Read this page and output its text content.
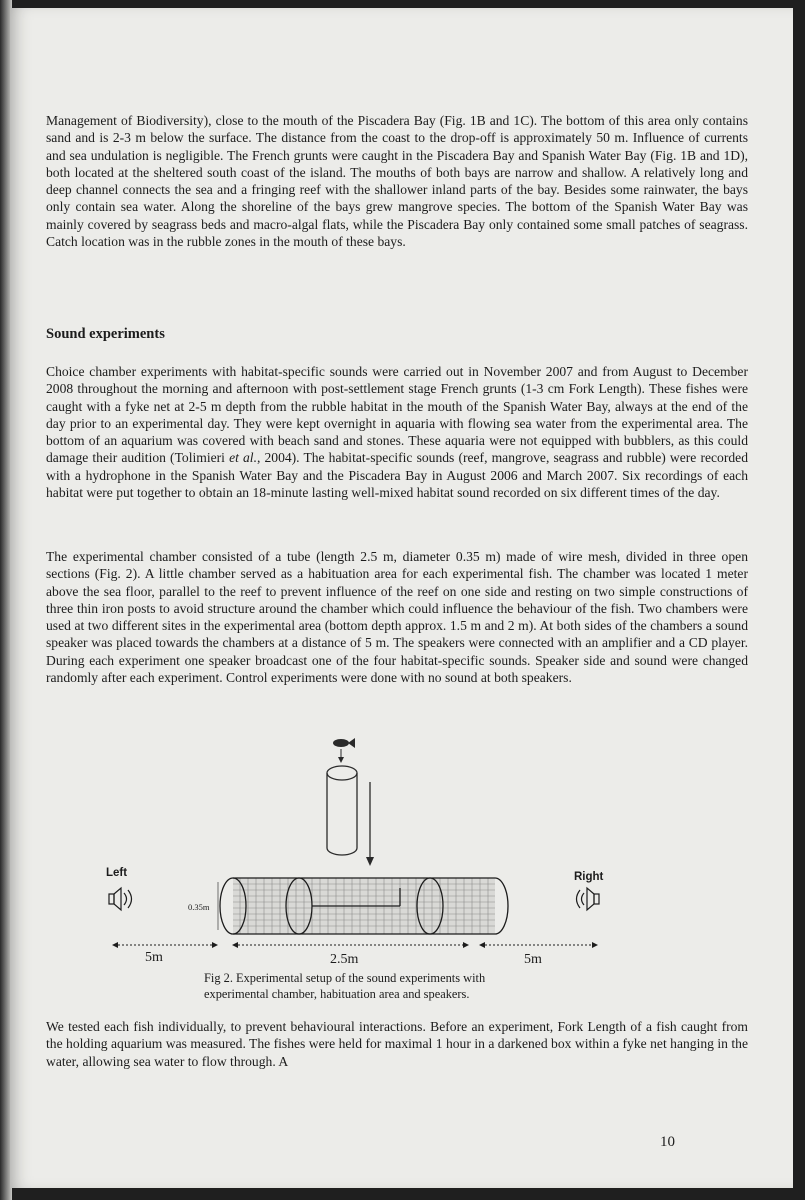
Management of Biodiversity), close to the mouth of the Piscadera Bay (Fig. 1B and 1C). The bottom of this area only contains sand and is 2-3 m below the surface. The distance from the coast to the drop-off is approximately 50 m. Influence of currents and sea undulation is negligible. The French grunts were caught in the Piscadera Bay and Spanish Water Bay (Fig. 1B and 1D), both located at the sheltered south coast of the island. The mouths of both bays are narrow and shallow. A relatively long and deep channel connects the sea and a fringing reef with the shallower inland parts of the bay. Besides some rainwater, the bays only contain sea water. Along the shoreline of the bays grew mangrove species. The bottom of the Spanish Water Bay was mainly covered by seagrass beds and macro-algal flats, while the Piscadera Bay only contained some small patches of seagrass. Catch location was in the rubble zones in the mouth of these bays.

Sound experiments

Choice chamber experiments with habitat-specific sounds were carried out in November 2007 and from August to December 2008 throughout the morning and afternoon with post-settlement stage French grunts (1-3 cm Fork Length). These fishes were caught with a fyke net at 2-5 m depth from the rubble habitat in the mouth of the Spanish Water Bay, always at the end of the day prior to an experimental day. They were kept overnight in aquaria with flowing sea water from the experimental area. The bottom of an aquarium was covered with beach sand and stones. These aquaria were not equipped with bubblers, as this could damage their audition (Tolimieri et al., 2004). The habitat-specific sounds (reef, mangrove, seagrass and rubble) were recorded with a hydrophone in the Spanish Water Bay and the Piscadera Bay in August 2006 and March 2007. Six recordings of each habitat were put together to obtain an 18-minute lasting well-mixed habitat sound recorded on six different times of the day.

The experimental chamber consisted of a tube (length 2.5 m, diameter 0.35 m) made of wire mesh, divided in three open sections (Fig. 2). A little chamber served as a habituation area for each experimental fish. The chamber was located 1 meter above the sea floor, parallel to the reef to prevent influence of the reef on one side and resting on two simple constructions of three thin iron posts to avoid structure around the chamber which could influence the behaviour of the fish. Two chambers were used at two different sites in the experimental area (bottom depth approx. 1.5 m and 2 m). At both sides of the chambers a sound speaker was placed towards the chambers at a distance of 5 m. The speakers were connected with an amplifier and a CD player. During each experiment one speaker broadcast one of the four habitat-specific sounds. Speaker side and sound were changed randomly after each experiment. Control experiments were done with no sound at both speakers.

0.35m
Left	Right
5m	2.5m	5m

Fig 2. Experimental setup of the sound experiments with experimental chamber, habituation area and speakers.

We tested each fish individually, to prevent behavioural interactions. Before an experiment, Fork Length of a fish caught from the holding aquarium was measured. The fishes were held for maximal 1 hour in a darkened box within a fyke net hanging in the water, allowing sea water to flow through. A

10
